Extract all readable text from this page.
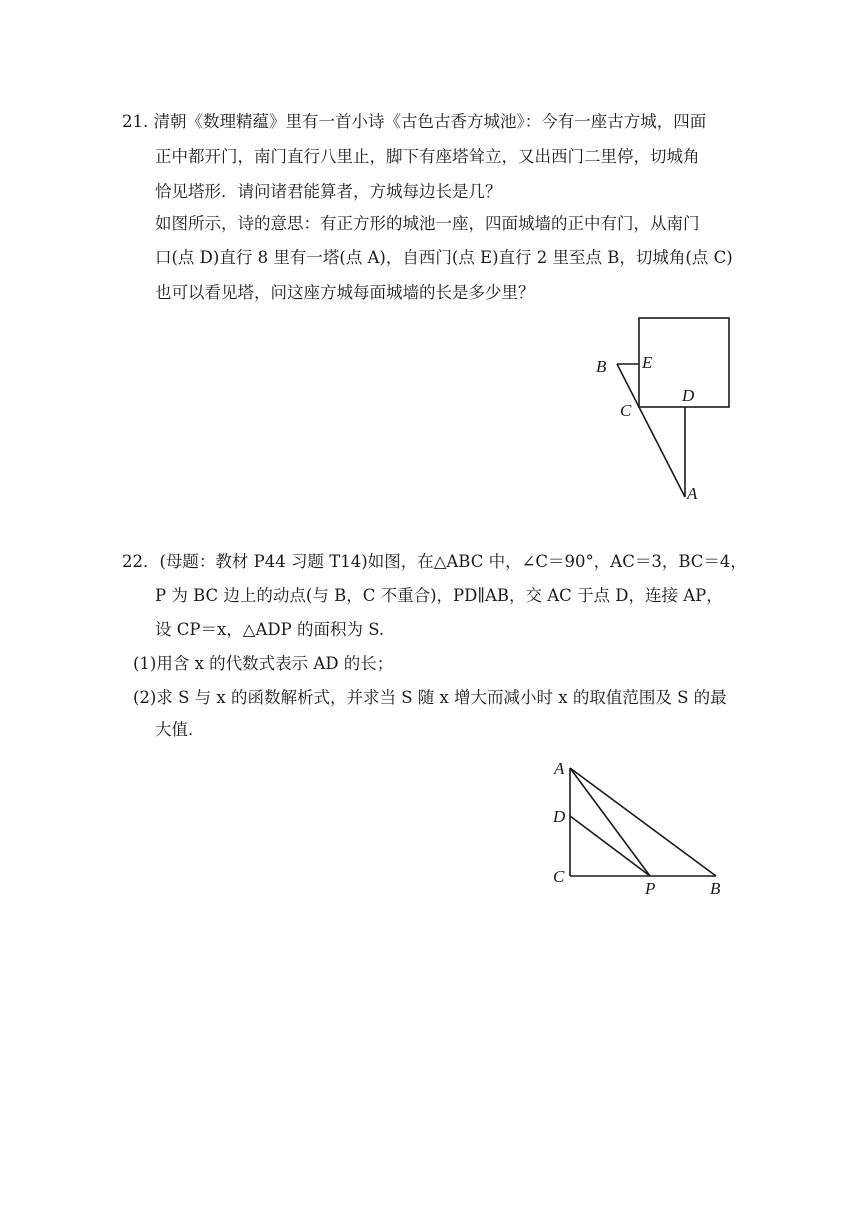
21. 清朝《数理精蕴》里有一首小诗《古色古香方城池》：今有一座古方城，四面
正中都开门，南门直行八里止，脚下有座塔耸立，又出西门二里停，切城角
恰见塔形．请问诸君能算者，方城每边长是几？
如图所示，诗的意思：有正方形的城池一座，四面城墙的正中有门，从南门
口(点 D)直行 8 里有一塔(点 A)，自西门(点 E)直行 2 里至点 B，切城角(点 C)
也可以看见塔，问这座方城每面城墙的长是多少里？
B E
C
D
A
22．(母题：教材 P44 习题 T14)如图，在△ABC 中，∠C＝90°，AC＝3，BC＝4，
P 为 BC 边上的动点(与 B，C 不重合)，PD∥AB，交 AC 于点 D，连接 AP，
设 CP＝x，△ADP 的面积为 S.
(1)用含 x 的代数式表示 AD 的长；
(2)求 S 与 x 的函数解析式，并求当 S 随 x 增大而减小时 x 的取值范围及 S 的最
大值．
A
D
C
P	B
